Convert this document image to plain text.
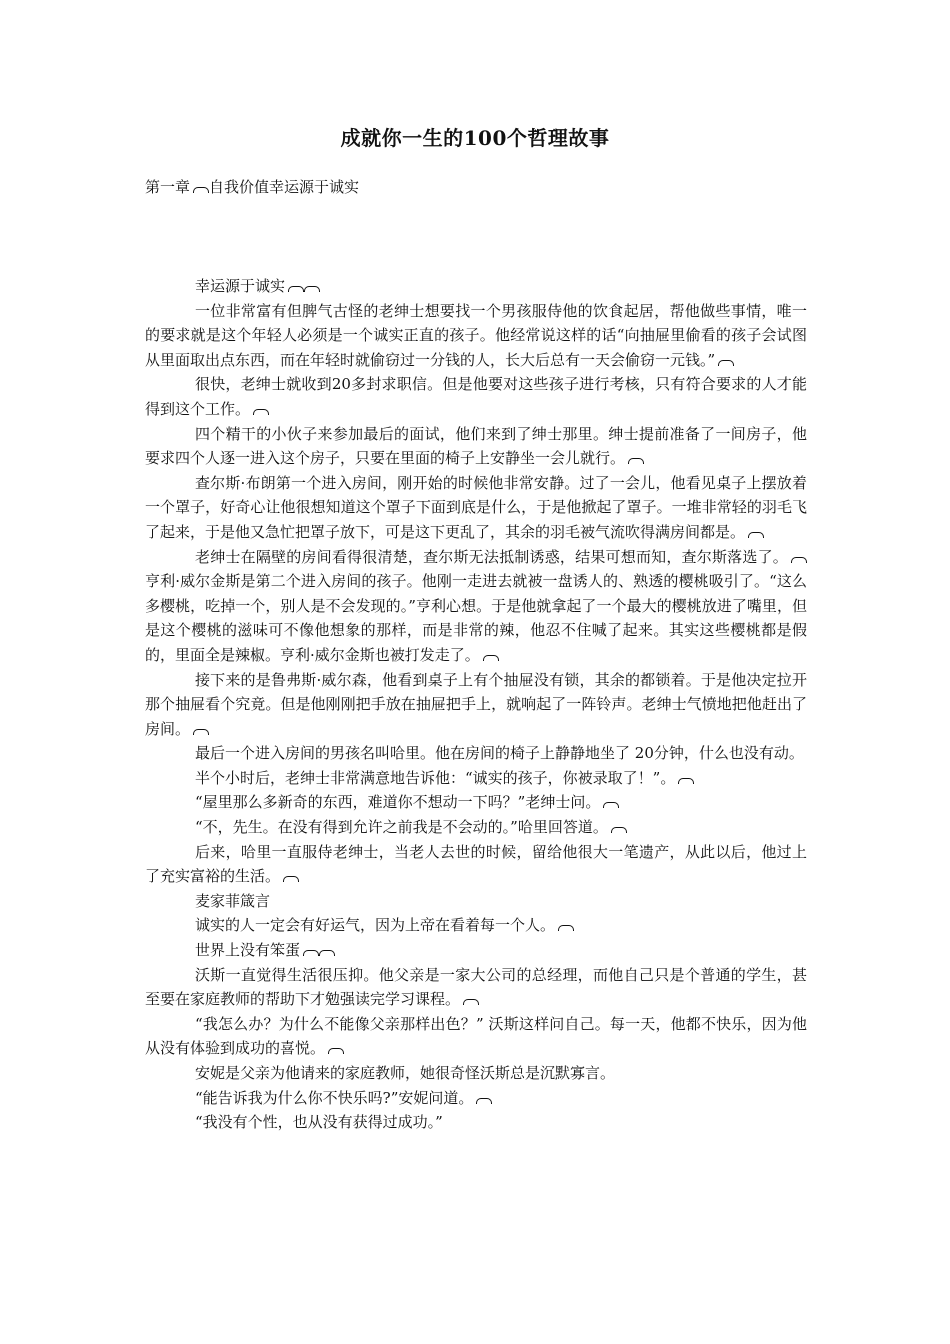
成就你一生的100个哲理故事
第一章 自我价值幸运源于诚实

幸运源于诚实

一位非常富有但脾气古怪的老绅士想要找一个男孩服侍他的饮食起居，帮他做些事情，唯一的要求就是这个年轻人必须是一个诚实正直的孩子。他经常说这样的话“向抽屉里偷看的孩子会试图从里面取出点东西，而在年轻时就偷窃过一分钱的人，长大后总有一天会偷窃一元钱。”

很快，老绅士就收到20多封求职信。但是他要对这些孩子进行考核，只有符合要求的人才能得到这个工作。

四个精干的小伙子来参加最后的面试，他们来到了绅士那里。绅士提前准备了一间房子，他要求四个人逐一进入这个房子，只要在里面的椅子上安静坐一会儿就行。

查尔斯·布朗第一个进入房间，刚开始的时候他非常安静。过了一会儿，他看见桌子上摆放着一个罩子，好奇心让他很想知道这个罩子下面到底是什么，于是他掀起了罩子。一堆非常轻的羽毛飞了起来，于是他又急忙把罩子放下，可是这下更乱了，其余的羽毛被气流吹得满房间都是。

老绅士在隔壁的房间看得很清楚，查尔斯无法抵制诱惑，结果可想而知，查尔斯落选了。 亨利·威尔金斯是第二个进入房间的孩子。他刚一走进去就被一盘诱人的、熟透的樱桃吸引了。“这么多樱桃，吃掉一个，别人是不会发现的。”亨利心想。于是他就拿起了一个最大的樱桃放进了嘴里，但是这个樱桃的滋味可不像他想象的那样，而是非常的辣，他忍不住喊了起来。其实这些樱桃都是假的，里面全是辣椒。亨利·威尔金斯也被打发走了。

接下来的是鲁弗斯·威尔森，他看到桌子上有个抽屉没有锁，其余的都锁着。于是他决定拉开那个抽屉看个究竟。但是他刚刚把手放在抽屉把手上，就响起了一阵铃声。老绅士气愤地把他赶出了房间。

最后一个进入房间的男孩名叫哈里。他在房间的椅子上静静地坐了 20分钟，什么也没有动。

半个小时后，老绅士非常满意地告诉他：“诚实的孩子，你被录取了！”。

“屋里那么多新奇的东西，难道你不想动一下吗？”老绅士问。

“不，先生。在没有得到允许之前我是不会动的。”哈里回答道。

后来，哈里一直服侍老绅士，当老人去世的时候，留给他很大一笔遗产，从此以后，他过上了充实富裕的生活。

麦家菲箴言

诚实的人一定会有好运气，因为上帝在看着每一个人。

世界上没有笨蛋

沃斯一直觉得生活很压抑。他父亲是一家大公司的总经理，而他自己只是个普通的学生，甚至要在家庭教师的帮助下才勉强读完学习课程。

“我怎么办？为什么不能像父亲那样出色？” 沃斯这样问自己。每一天，他都不快乐，因为他从没有体验到成功的喜悦。

安妮是父亲为他请来的家庭教师，她很奇怪沃斯总是沉默寡言。

“能告诉我为什么你不快乐吗?”安妮问道。

“我没有个性，也从没有获得过成功。”
